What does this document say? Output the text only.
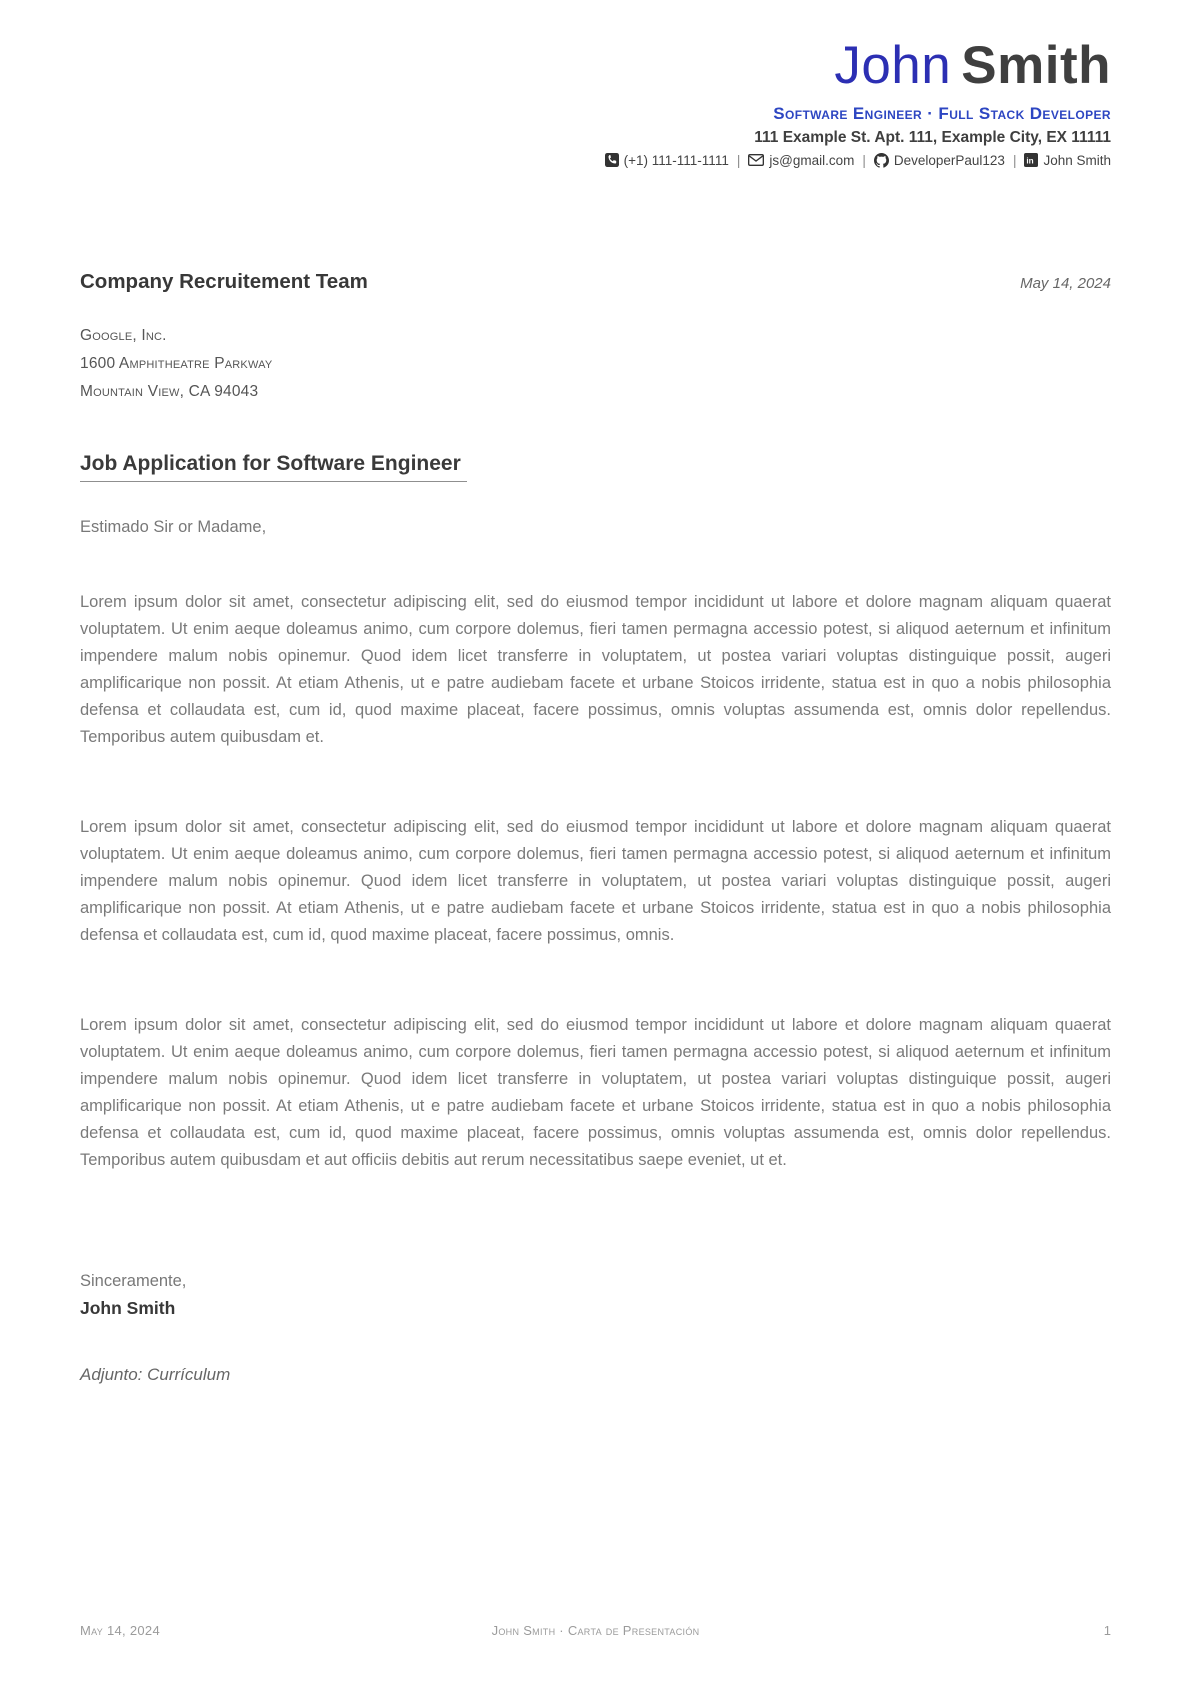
John Smith
Software Engineer · Full Stack Developer
111 Example St. Apt. 111, Example City, EX 11111
(+1) 111-111-1111 | js@gmail.com | DeveloperPaul123 | in John Smith
Company Recruitement Team	May 14, 2024
Google, Inc.
1600 Amphitheatre Parkway
Mountain View, CA 94043
Job Application for Software Engineer
Estimado Sir or Madame,

Lorem ipsum dolor sit amet, consectetur adipiscing elit, sed do eiusmod tempor incididunt ut labore et dolore magnam aliquam quaerat voluptatem. Ut enim aeque doleamus animo, cum corpore dolemus, fieri tamen permagna accessio potest, si aliquod aeternum et infinitum impendere malum nobis opinemur. Quod idem licet transferre in voluptatem, ut postea variari voluptas distinguique possit, augeri amplificarique non possit. At etiam Athenis, ut e patre audiebam facete et urbane Stoicos irridente, statua est in quo a nobis philosophia defensa et collaudata est, cum id, quod maxime placeat, facere possimus, omnis voluptas assumenda est, omnis dolor repellendus. Temporibus autem quibusdam et.

Lorem ipsum dolor sit amet, consectetur adipiscing elit, sed do eiusmod tempor incididunt ut labore et dolore magnam aliquam quaerat voluptatem. Ut enim aeque doleamus animo, cum corpore dolemus, fieri tamen permagna accessio potest, si aliquod aeternum et infinitum impendere malum nobis opinemur. Quod idem licet transferre in voluptatem, ut postea variari voluptas distinguique possit, augeri amplificarique non possit. At etiam Athenis, ut e patre audiebam facete et urbane Stoicos irridente, statua est in quo a nobis philosophia defensa et collaudata est, cum id, quod maxime placeat, facere possimus, omnis.

Lorem ipsum dolor sit amet, consectetur adipiscing elit, sed do eiusmod tempor incididunt ut labore et dolore magnam aliquam quaerat voluptatem. Ut enim aeque doleamus animo, cum corpore dolemus, fieri tamen permagna accessio potest, si aliquod aeternum et infinitum impendere malum nobis opinemur. Quod idem licet transferre in voluptatem, ut postea variari voluptas distinguique possit, augeri amplificarique non possit. At etiam Athenis, ut e patre audiebam facete et urbane Stoicos irridente, statua est in quo a nobis philosophia defensa et collaudata est, cum id, quod maxime placeat, facere possimus, omnis voluptas assumenda est, omnis dolor repellendus. Temporibus autem quibusdam et aut officiis debitis aut rerum necessitatibus saepe eveniet, ut et.

Sinceramente,
John Smith
Adjunto: Currículum
May 14, 2024	John Smith · Carta de Presentación	1
